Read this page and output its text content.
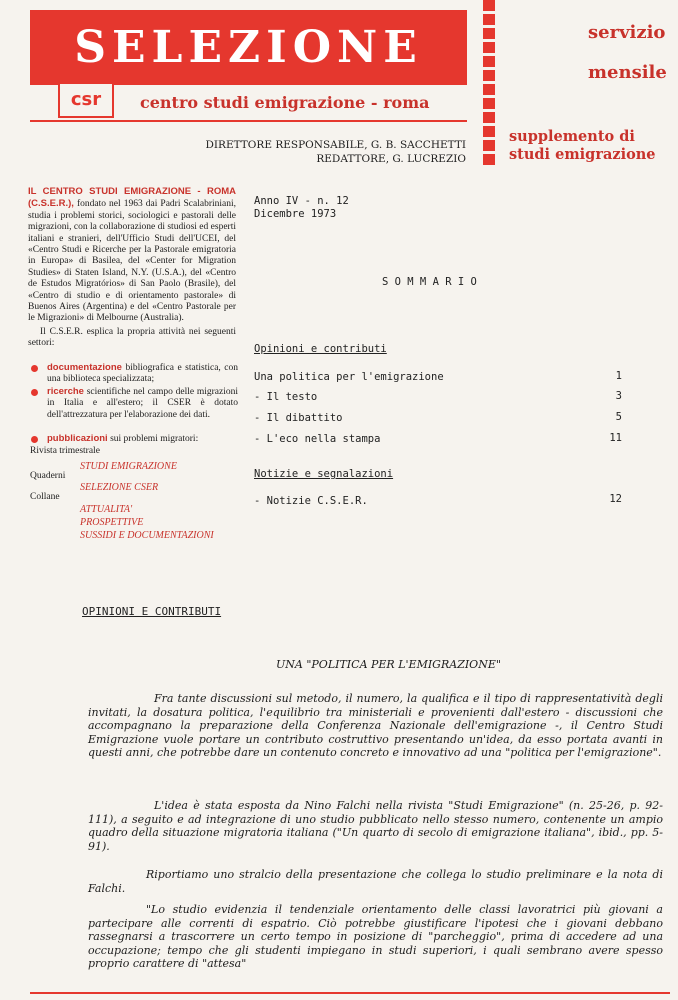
SELEZIONE
csr	centro studi emigrazione - roma
DIRETTORE RESPONSABILE, G. B. SACCHETTI
REDATTORE, G. LUCREZIO
servizio
mensile
supplemento di
studi emigrazione
IL CENTRO STUDI EMIGRAZIONE - ROMA (C.S.E.R.), fondato nel 1963 dai Padri Scalabriniani, studia i problemi storici, sociologici e pastorali delle migrazioni, con la collaborazione di studiosi ed esperti italiani e stranieri, dell'Ufficio Studi dell'UCEI, del «Centro Studi e Ricerche per la Pastorale emigratoria in Europa» di Basilea, del «Center for Migration Studies» di Staten Island, N.Y. (U.S.A.), del «Centro de Estudos Migratórios» di San Paolo (Brasile), del «Centro di studio e di orientamento pastorale» di Buenos Aires (Argentina) e del «Centro Pastorale per le Migrazioni» di Melbourne (Australia).
Il C.S.E.R. esplica la propria attività nei seguenti settori:
documentazione bibliografica e statistica, con una biblioteca specializzata;
ricerche scientifiche nel campo delle migrazioni in Italia e all'estero; il CSER è dotato dell'attrezzatura per l'elaborazione dei dati.
pubblicazioni sui problemi migratori:
Rivista trimestrale
STUDI EMIGRAZIONE
Quaderni
SELEZIONE CSER
Collane
ATTUALITA'
PROSPETTIVE
SUSSIDI E DOCUMENTAZIONI
Anno IV - n. 12
Dicembre 1973
S O M M A R I O
Opinioni e contributi
Una politica per l'emigrazione	1
- Il testo	3
- Il dibattito	5
- L'eco nella stampa	11
Notizie e segnalazioni
- Notizie C.S.E.R.	12
OPINIONI E CONTRIBUTI
UNA "POLITICA PER L'EMIGRAZIONE"
Fra tante discussioni sul metodo, il numero, la qualifica e il tipo di rappresentatività degli invitati, la dosatura politica, l'equilibrio tra ministeriali e provenienti dall'estero - discussioni che accompagnano la preparazione della Conferenza Nazionale dell'emigrazione -, il Centro Studi Emigrazione vuole portare un contributo costruttivo presentando un'idea, da esso portata avanti in questi anni, che potrebbe dare un contenuto concreto e innovativo ad una "politica per l'emigrazione".
L'idea è stata esposta da Nino Falchi nella rivista "Studi Emigrazione" (n. 25-26, p. 92-111), a seguito e ad integrazione di uno studio pubblicato nello stesso numero, contenente un ampio quadro della situazione migratoria italiana ("Un quarto di secolo di emigrazione italiana", ibid., pp. 5-91).
Riportiamo uno stralcio della presentazione che collega lo studio preliminare e la nota di Falchi.
"Lo studio evidenzia il tendenziale orientamento delle classi lavoratrici più giovani a partecipare alle correnti di espatrio. Ciò potrebbe giustificare l'ipotesi che i giovani debbano rassegnarsi a trascorrere un certo tempo in posizione di "parcheggio", prima di accedere ad una occupazione; tempo che gli studenti impiegano in studi superiori, i quali sembrano avere spesso proprio carattere di "attesa"
